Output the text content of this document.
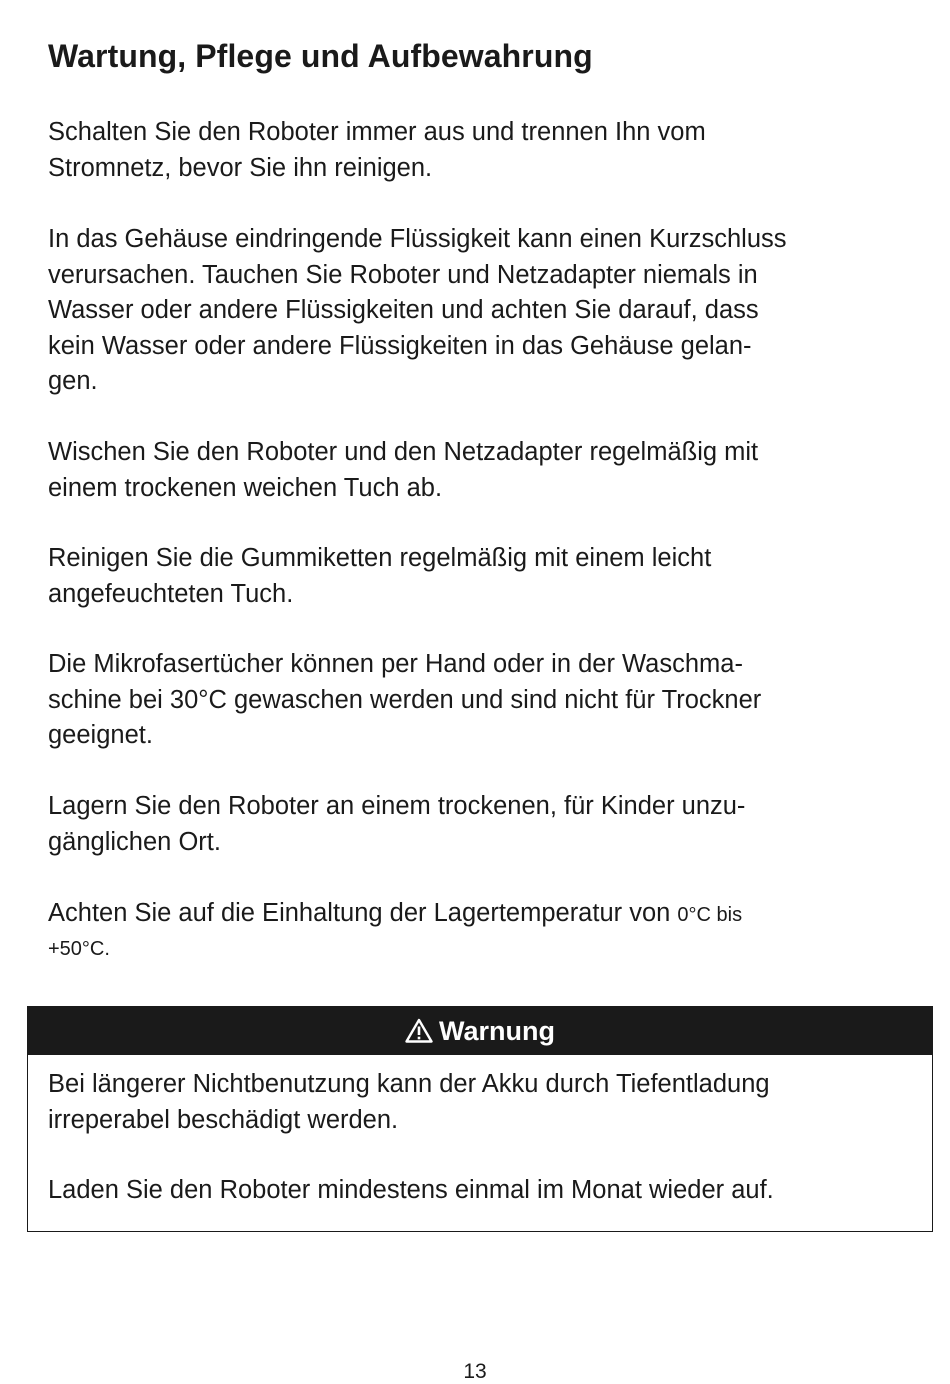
Wartung, Pflege und Aufbewahrung

Schalten Sie den Roboter immer aus und trennen Ihn vom
Stromnetz, bevor Sie ihn reinigen.

In das Gehäuse eindringende Flüssigkeit kann einen Kurzschluss
verursachen. Tauchen Sie Roboter und Netzadapter niemals in
Wasser oder andere Flüssigkeiten und achten Sie darauf, dass
kein Wasser oder andere Flüssigkeiten in das Gehäuse gelan-
gen.

Wischen Sie den Roboter und den Netzadapter regelmäßig mit
einem trockenen weichen Tuch ab.

Reinigen Sie die Gummiketten regelmäßig mit einem leicht
angefeuchteten Tuch.

Die Mikrofasertücher können per Hand oder in der Waschma-
schine bei 30°C gewaschen werden und sind nicht für Trockner
geeignet.

Lagern Sie den Roboter an einem trockenen, für Kinder unzu-
gänglichen Ort.

Achten Sie auf die Einhaltung der Lagertemperatur von 0°C bis
+50°C.

Warnung

Bei längerer Nichtbenutzung kann der Akku durch Tiefentladung
irreperabel beschädigt werden.
Laden Sie den Roboter mindestens einmal im Monat wieder auf.

13
